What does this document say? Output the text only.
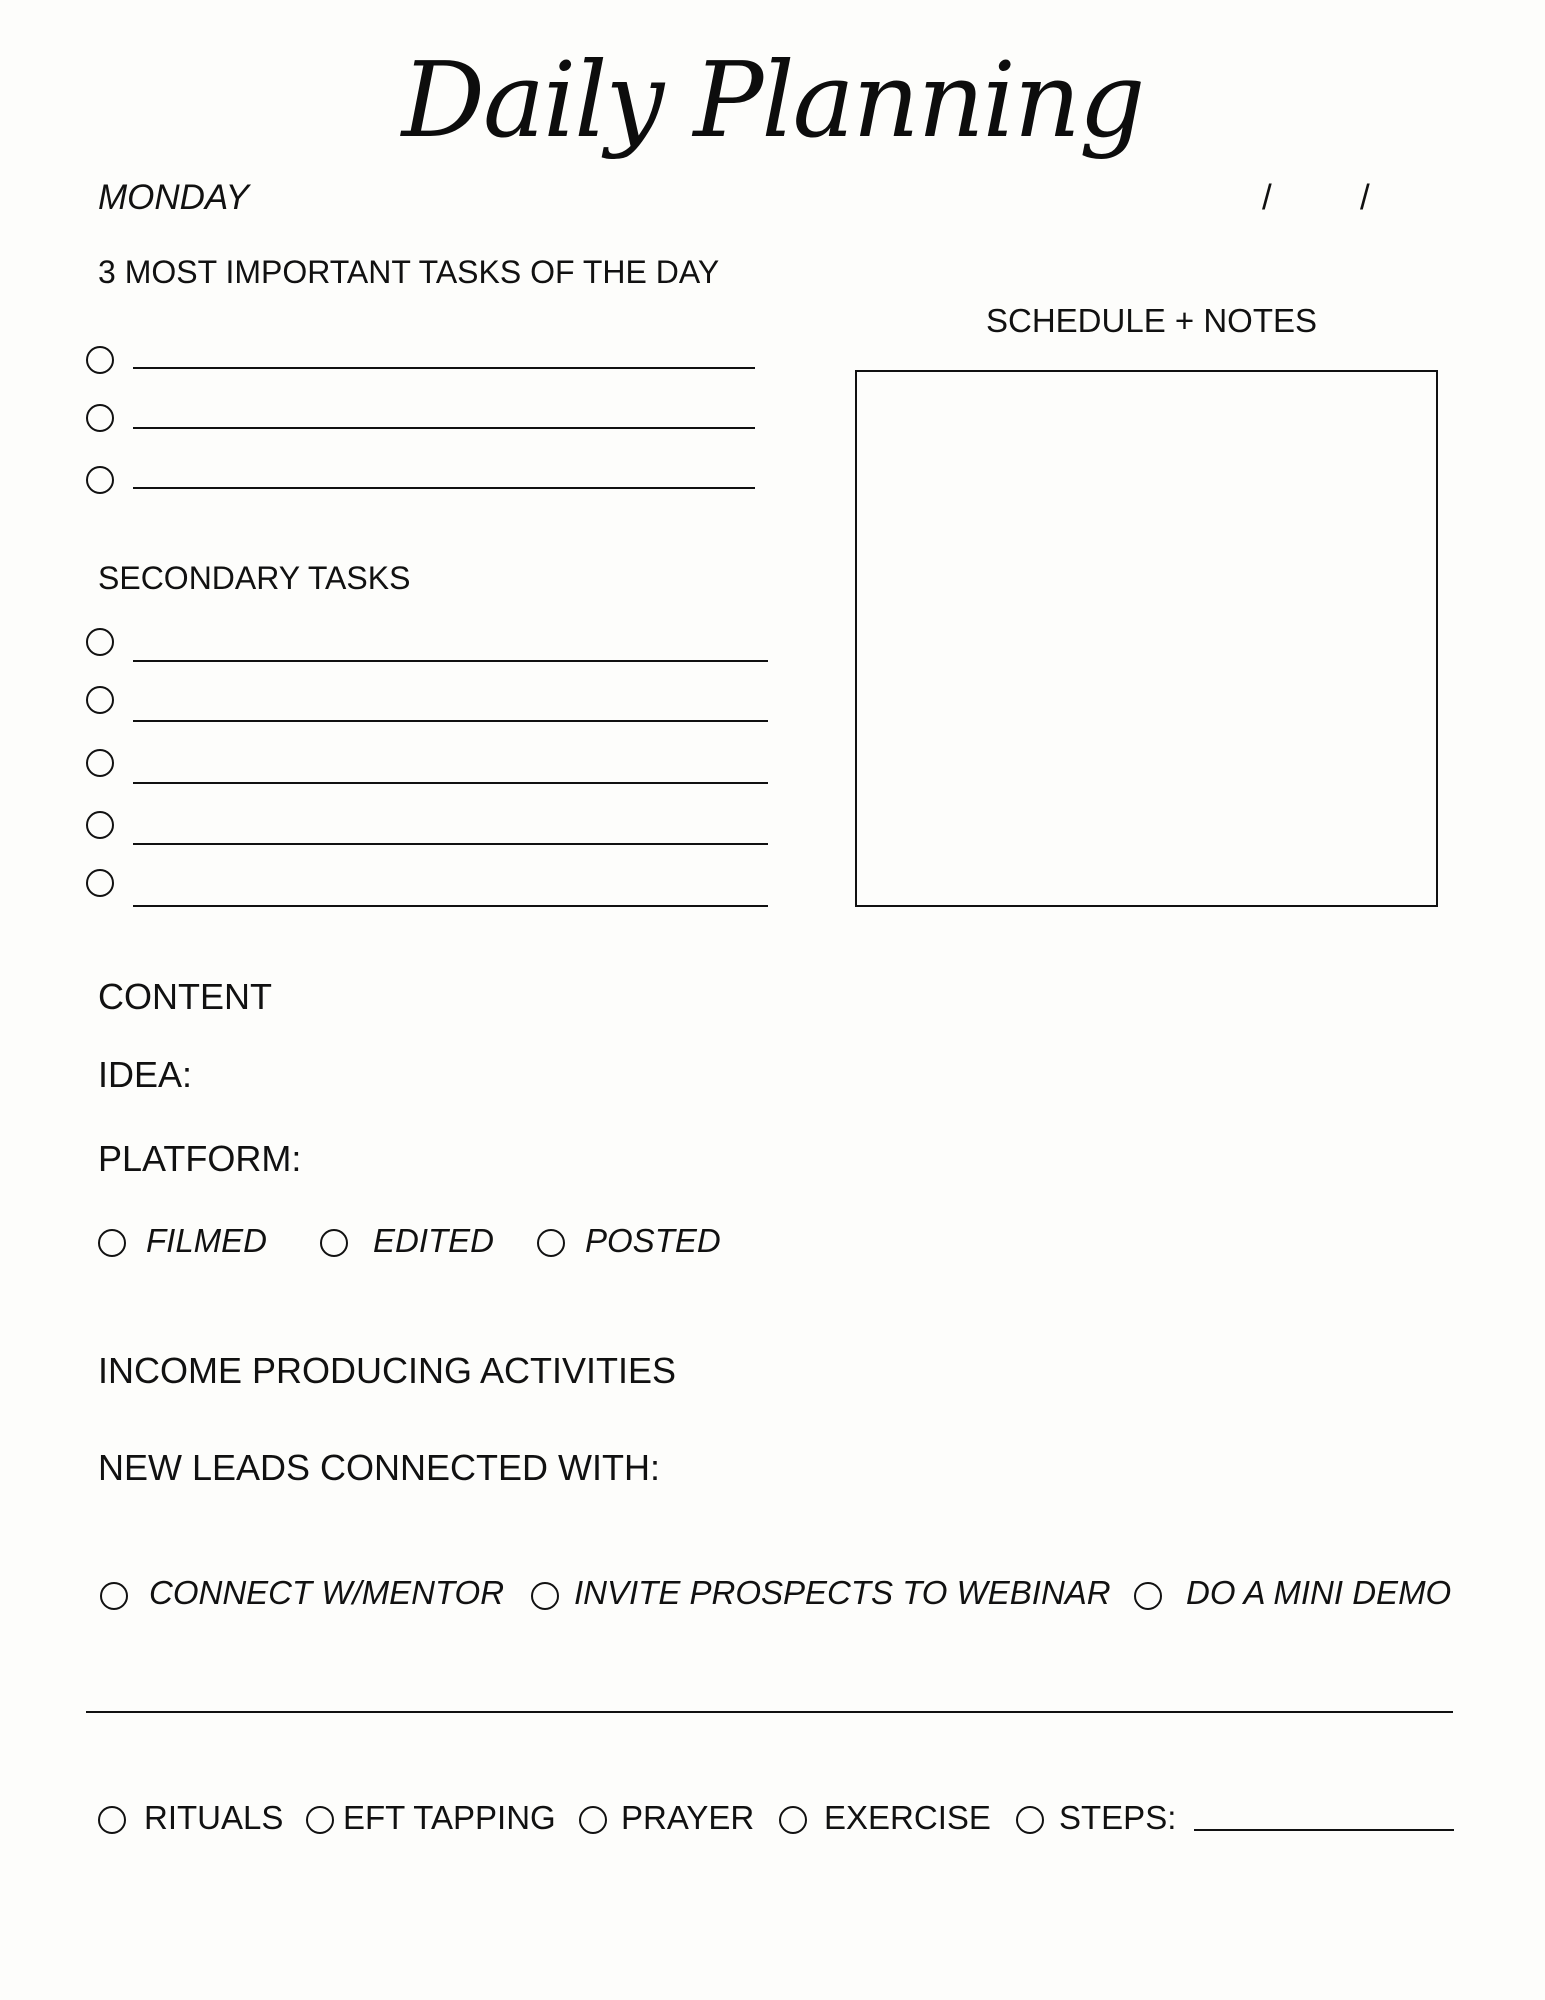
Daily Planning
MONDAY	/	/
3 MOST IMPORTANT TASKS OF THE DAY
SCHEDULE + NOTES
SECONDARY TASKS
CONTENT
IDEA:
PLATFORM:
FILMED	EDITED	POSTED
INCOME PRODUCING ACTIVITIES
NEW LEADS CONNECTED WITH:
CONNECT W/MENTOR INVITE PROSPECTS TO WEBINAR DO A MINI DEMO
RITUALS EFT TAPPING PRAYER EXERCISE STEPS:
